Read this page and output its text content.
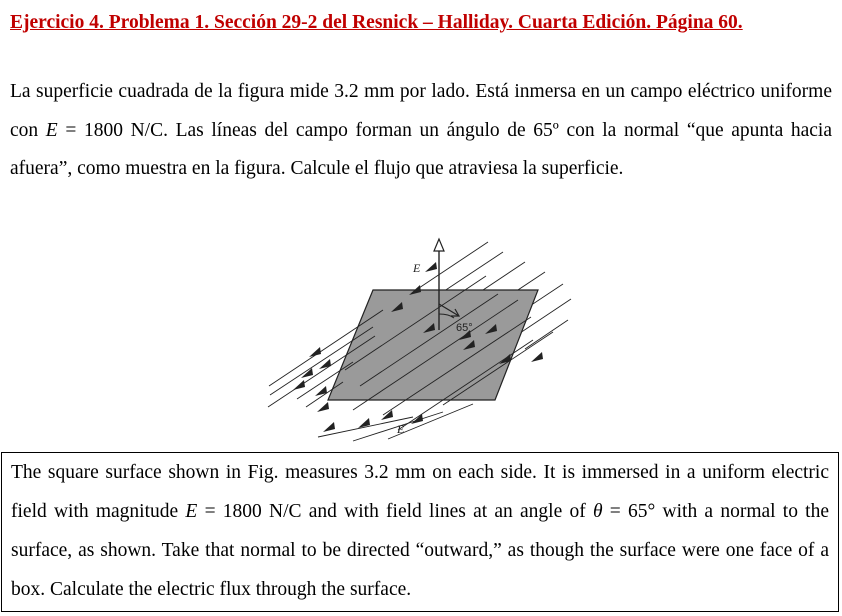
Ejercicio 4. Problema 1. Sección 29-2 del Resnick – Halliday. Cuarta Edición. Página 60.

La superficie cuadrada de la figura mide 3.2 mm por lado. Está inmersa en un campo eléctrico uniforme con E = 1800 N/C. Las líneas del campo forman un ángulo de 65º con la normal “que apunta hacia afuera”, como muestra en la figura. Calcule el flujo que atraviesa la superficie.

E
65°
E

The square surface shown in Fig. measures 3.2 mm on each side. It is immersed in a uniform electric field with magnitude E = 1800 N/C and with field lines at an angle of θ = 65° with a normal to the surface, as shown. Take that normal to be directed “outward,” as though the surface were one face of a box. Calculate the electric flux through the surface.
